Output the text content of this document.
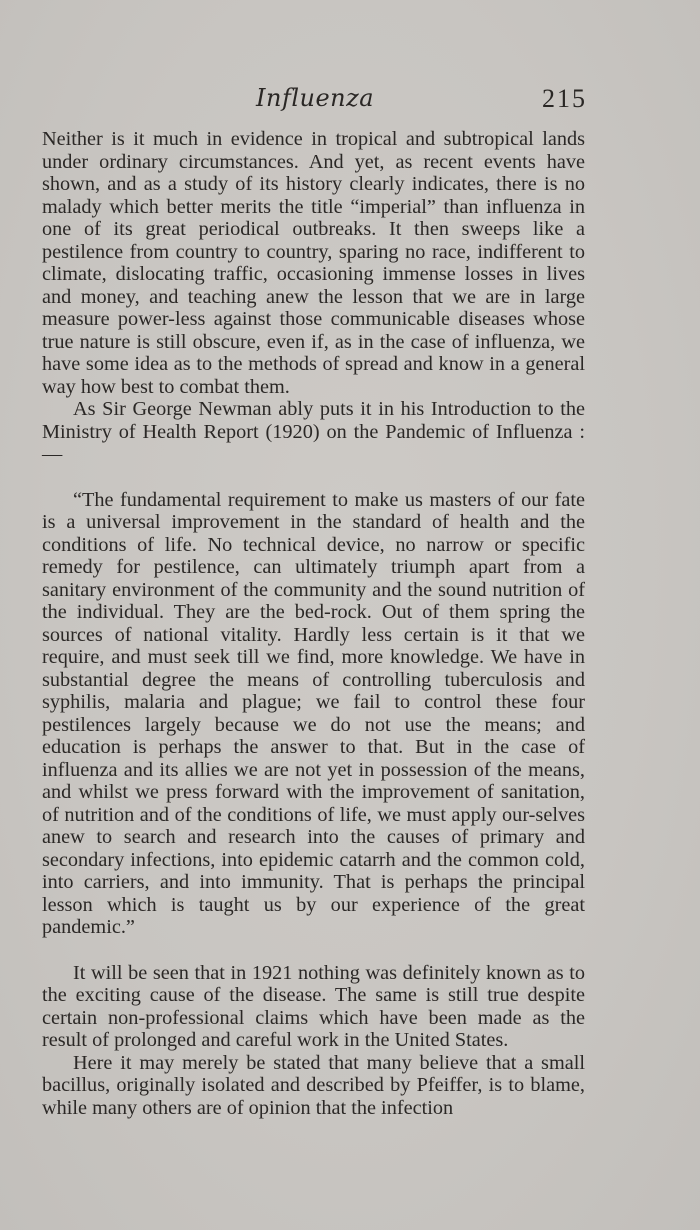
Influenza	215

Neither is it much in evidence in tropical and subtropical lands under ordinary circumstances. And yet, as recent events have shown, and as a study of its history clearly indicates, there is no malady which better merits the title “imperial” than influenza in one of its great periodical outbreaks. It then sweeps like a pestilence from country to country, sparing no race, indifferent to climate, dislocating traffic, occasioning immense losses in lives and money, and teaching anew the lesson that we are in large measure power-less against those communicable diseases whose true nature is still obscure, even if, as in the case of influenza, we have some idea as to the methods of spread and know in a general way how best to combat them.

As Sir George Newman ably puts it in his Introduction to the Ministry of Health Report (1920) on the Pandemic of Influenza :—

“The fundamental requirement to make us masters of our fate is a universal improvement in the standard of health and the conditions of life. No technical device, no narrow or specific remedy for pestilence, can ultimately triumph apart from a sanitary environment of the community and the sound nutrition of the individual. They are the bed-rock. Out of them spring the sources of national vitality. Hardly less certain is it that we require, and must seek till we find, more knowledge. We have in substantial degree the means of controlling tuberculosis and syphilis, malaria and plague; we fail to control these four pestilences largely because we do not use the means; and education is perhaps the answer to that. But in the case of influenza and its allies we are not yet in possession of the means, and whilst we press forward with the improvement of sanitation, of nutrition and of the conditions of life, we must apply our-selves anew to search and research into the causes of primary and secondary infections, into epidemic catarrh and the common cold, into carriers, and into immunity. That is perhaps the principal lesson which is taught us by our experience of the great pandemic.”

It will be seen that in 1921 nothing was definitely known as to the exciting cause of the disease. The same is still true despite certain non-professional claims which have been made as the result of prolonged and careful work in the United States.

Here it may merely be stated that many believe that a small bacillus, originally isolated and described by Pfeiffer, is to blame, while many others are of opinion that the infection
